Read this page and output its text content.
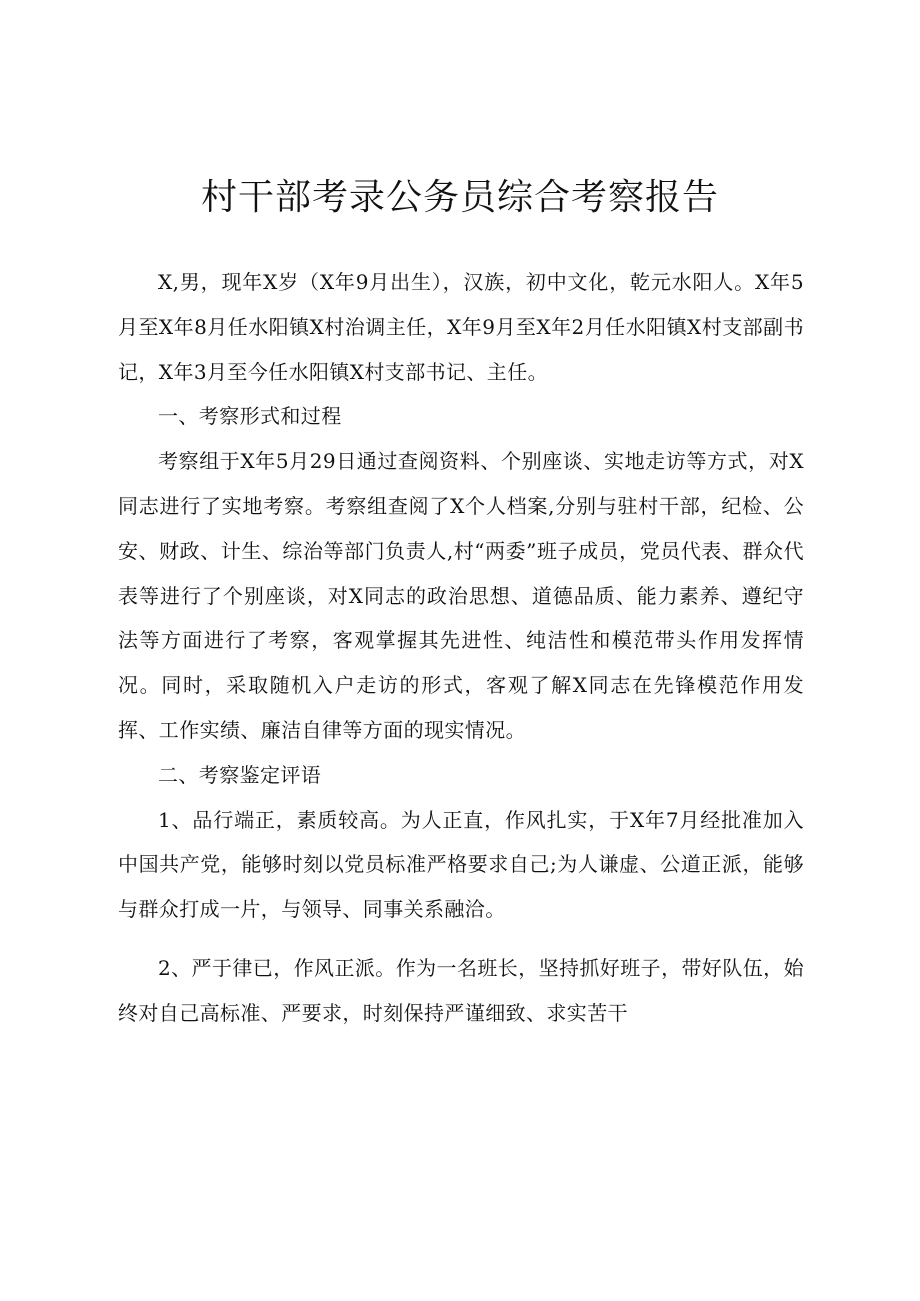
村干部考录公务员综合考察报告

X,男，现年X岁（X年9月出生），汉族，初中文化，乾元水阳人。X年5月至X年8月任水阳镇X村治调主任，X年9月至X年2月任水阳镇X村支部副书记，X年3月至今任水阳镇X村支部书记、主任。

一、考察形式和过程

考察组于X年5月29日通过查阅资料、个别座谈、实地走访等方式，对X同志进行了实地考察。考察组查阅了X个人档案,分别与驻村干部，纪检、公安、财政、计生、综治等部门负责人,村“两委”班子成员，党员代表、群众代表等进行了个别座谈，对X同志的政治思想、道德品质、能力素养、遵纪守法等方面进行了考察，客观掌握其先进性、纯洁性和模范带头作用发挥情况。同时，采取随机入户走访的形式，客观了解X同志在先锋模范作用发挥、工作实绩、廉洁自律等方面的现实情况。

二、考察鉴定评语

1、品行端正，素质较高。为人正直，作风扎实，于X年7月经批准加入中国共产党，能够时刻以党员标准严格要求自己;为人谦虚、公道正派，能够与群众打成一片，与领导、同事关系融洽。

2、严于律已，作风正派。作为一名班长，坚持抓好班子，带好队伍，始终对自己高标准、严要求，时刻保持严谨细致、求实苦干
